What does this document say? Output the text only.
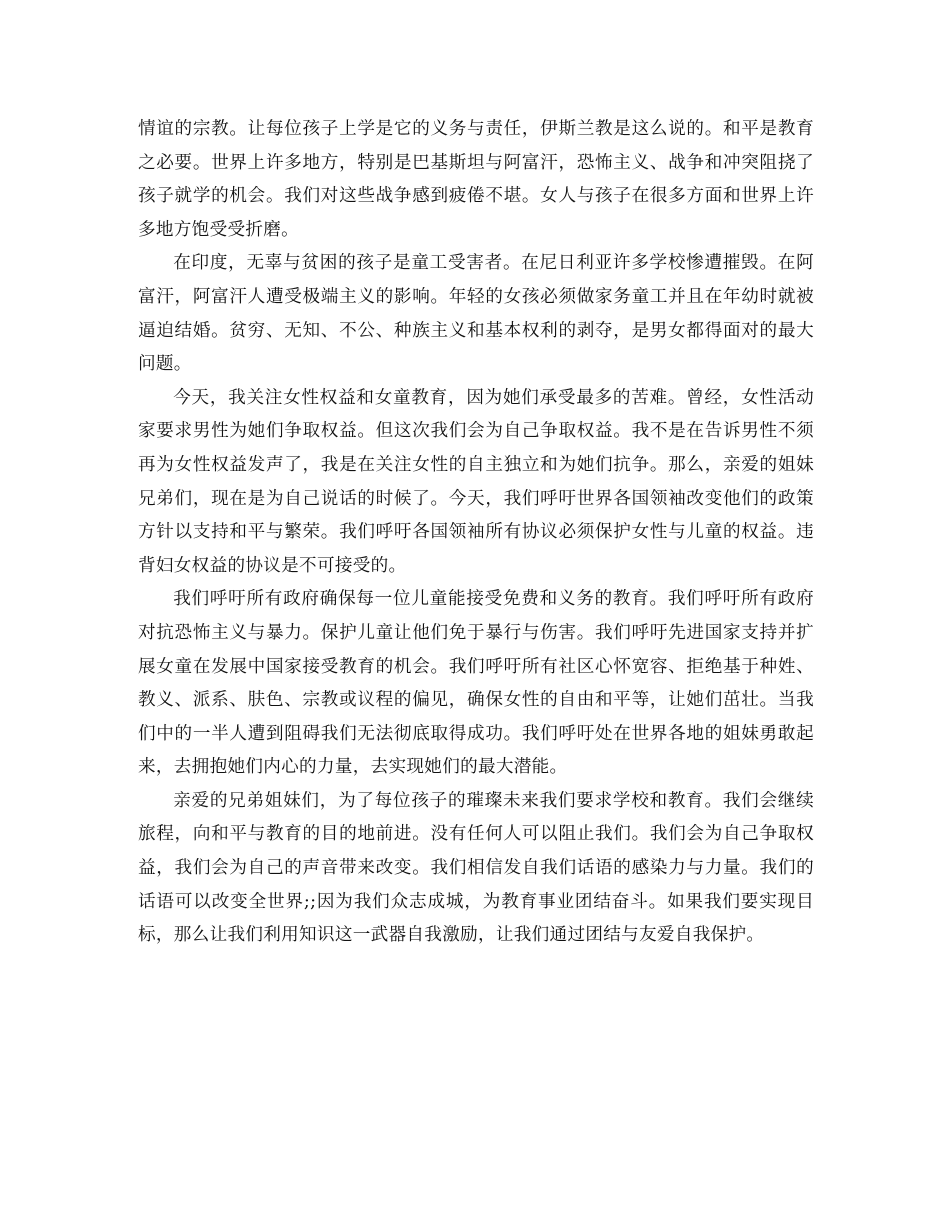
情谊的宗教。让每位孩子上学是它的义务与责任，伊斯兰教是这么说的。和平是教育之必要。世界上许多地方，特别是巴基斯坦与阿富汗，恐怖主义、战争和冲突阻挠了孩子就学的机会。我们对这些战争感到疲倦不堪。女人与孩子在很多方面和世界上许多地方饱受受折磨。

在印度，无辜与贫困的孩子是童工受害者。在尼日利亚许多学校惨遭摧毁。在阿富汗，阿富汗人遭受极端主义的影响。年轻的女孩必须做家务童工并且在年幼时就被逼迫结婚。贫穷、无知、不公、种族主义和基本权利的剥夺，是男女都得面对的最大问题。

今天，我关注女性权益和女童教育，因为她们承受最多的苦难。曾经，女性活动家要求男性为她们争取权益。但这次我们会为自己争取权益。我不是在告诉男性不须再为女性权益发声了，我是在关注女性的自主独立和为她们抗争。那么，亲爱的姐妹兄弟们，现在是为自己说话的时候了。今天，我们呼吁世界各国领袖改变他们的政策方针以支持和平与繁荣。我们呼吁各国领袖所有协议必须保护女性与儿童的权益。违背妇女权益的协议是不可接受的。

我们呼吁所有政府确保每一位儿童能接受免费和义务的教育。我们呼吁所有政府对抗恐怖主义与暴力。保护儿童让他们免于暴行与伤害。我们呼吁先进国家支持并扩展女童在发展中国家接受教育的机会。我们呼吁所有社区心怀宽容、拒绝基于种姓、教义、派系、肤色、宗教或议程的偏见，确保女性的自由和平等，让她们茁壮。当我们中的一半人遭到阻碍我们无法彻底取得成功。我们呼吁处在世界各地的姐妹勇敢起来，去拥抱她们内心的力量，去实现她们的最大潜能。

亲爱的兄弟姐妹们，为了每位孩子的璀璨未来我们要求学校和教育。我们会继续旅程，向和平与教育的目的地前进。没有任何人可以阻止我们。我们会为自己争取权益，我们会为自己的声音带来改变。我们相信发自我们话语的感染力与力量。我们的话语可以改变全世界;;因为我们众志成城，为教育事业团结奋斗。如果我们要实现目标，那么让我们利用知识这一武器自我激励，让我们通过团结与友爱自我保护。
